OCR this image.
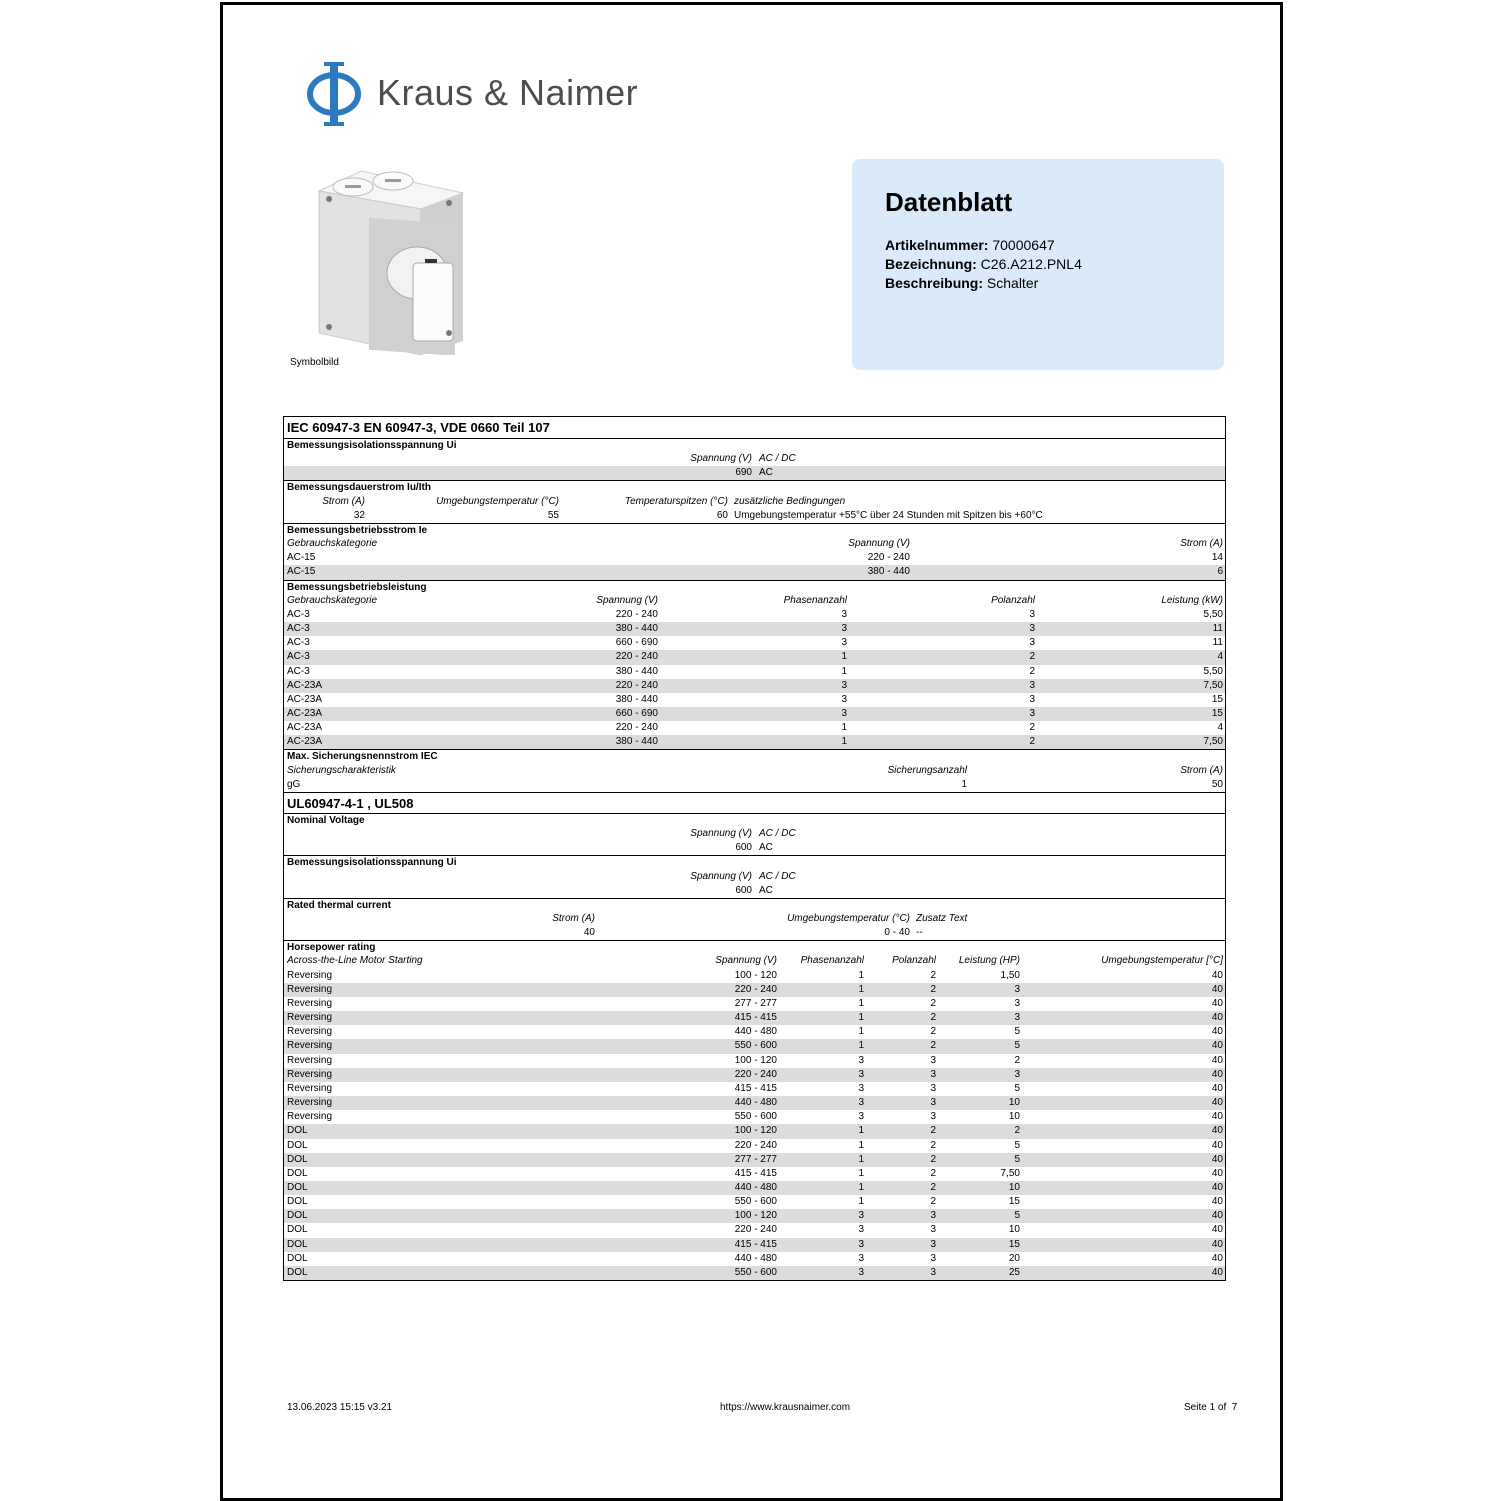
Kraus & Naimer
Symbolbild
Datenblatt
Artikelnummer: 70000647
Bezeichnung: C26.A212.PNL4
Beschreibung: Schalter
IEC 60947-3 EN 60947-3, VDE 0660 Teil 107
Bemessungsisolationsspannung Ui
Spannung (V) AC / DC
690 AC
Bemessungsdauerstrom Iu/Ith
Strom (A)	Umgebungstemperatur (°C)	Temperaturspitzen (°C) zusätzliche Bedingungen
32	55	60 Umgebungstemperatur +55°C über 24 Stunden mit Spitzen bis +60°C
Bemessungsbetriebsstrom Ie
Gebrauchskategorie	Spannung (V)	Strom (A)
AC-15	220 - 240	14
AC-15	380 - 440	6
Bemessungsbetriebsleistung
Gebrauchskategorie	Spannung (V)	Phasenanzahl	Polanzahl	Leistung (kW)
AC-3	220 - 240	3	3	5,50
AC-3	380 - 440	3	3	11
AC-3	660 - 690	3	3	11
AC-3	220 - 240	1	2	4
AC-3	380 - 440	1	2	5,50
AC-23A	220 - 240	3	3	7,50
AC-23A	380 - 440	3	3	15
AC-23A	660 - 690	3	3	15
AC-23A	220 - 240	1	2	4
AC-23A	380 - 440	1	2	7,50
Max. Sicherungsnennstrom IEC
Sicherungscharakteristik	Sicherungsanzahl	Strom (A)
gG	1	50
UL60947-4-1 , UL508
Nominal Voltage
Spannung (V) AC / DC
600 AC
Bemessungsisolationsspannung Ui
Spannung (V) AC / DC
600 AC
Rated thermal current
Strom (A)	Umgebungstemperatur (°C) Zusatz Text
40	0 - 40 --
Horsepower rating
Across-the-Line Motor Starting	Spannung (V)	Phasenanzahl	Polanzahl	Leistung (HP)	Umgebungstemperatur [°C]
Reversing	100 - 120	1	2	1,50	40
Reversing	220 - 240	1	2	3	40
Reversing	277 - 277	1	2	3	40
Reversing	415 - 415	1	2	3	40
Reversing	440 - 480	1	2	5	40
Reversing	550 - 600	1	2	5	40
Reversing	100 - 120	3	3	2	40
Reversing	220 - 240	3	3	3	40
Reversing	415 - 415	3	3	5	40
Reversing	440 - 480	3	3	10	40
Reversing	550 - 600	3	3	10	40
DOL	100 - 120	1	2	2	40
DOL	220 - 240	1	2	5	40
DOL	277 - 277	1	2	5	40
DOL	415 - 415	1	2	7,50	40
DOL	440 - 480	1	2	10	40
DOL	550 - 600	1	2	15	40
DOL	100 - 120	3	3	5	40
DOL	220 - 240	3	3	10	40
DOL	415 - 415	3	3	15	40
DOL	440 - 480	3	3	20	40
DOL	550 - 600	3	3	25	40
13.06.2023 15:15 v3.21	https://www.krausnaimer.com	Seite 1 of  7
